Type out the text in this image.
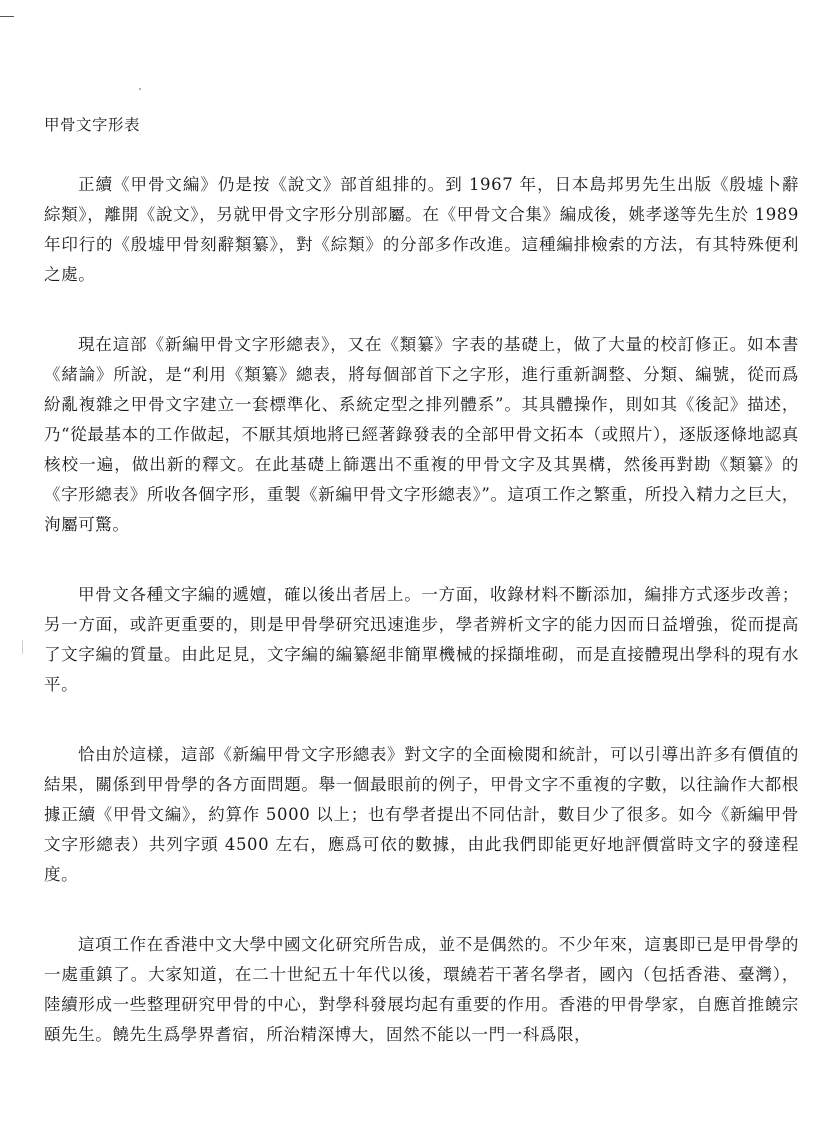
甲骨文字形表

正續《甲骨文編》仍是按《說文》部首組排的。到 1967 年，日本島邦男先生出版《殷墟卜辭綜類》，離開《說文》，另就甲骨文字形分別部屬。在《甲骨文合集》編成後，姚孝遂等先生於 1989 年印行的《殷墟甲骨刻辭類纂》，對《綜類》的分部多作改進。這種編排檢索的方法，有其特殊便利之處。

現在這部《新編甲骨文字形總表》，又在《類纂》字表的基礎上，做了大量的校訂修正。如本書《緒論》所說，是“利用《類纂》總表，將每個部首下之字形，進行重新調整、分類、編號，從而爲紛亂複雜之甲骨文字建立一套標準化、系統定型之排列體系”。其具體操作，則如其《後記》描述，乃“從最基本的工作做起，不厭其煩地將已經著錄發表的全部甲骨文拓本（或照片），逐版逐條地認真核校一遍，做出新的釋文。在此基礎上篩選出不重複的甲骨文字及其異構，然後再對勘《類纂》的《字形總表》所收各個字形，重製《新編甲骨文字形總表》”。這項工作之繁重，所投入精力之巨大，洵屬可驚。

甲骨文各種文字編的遞嬗，確以後出者居上。一方面，收錄材料不斷添加，編排方式逐步改善；另一方面，或許更重要的，則是甲骨學研究迅速進步，學者辨析文字的能力因而日益增強，從而提高了文字編的質量。由此足見，文字編的編纂絕非簡單機械的採擷堆砌，而是直接體現出學科的現有水平。

恰由於這樣，這部《新編甲骨文字形總表》對文字的全面檢閱和統計，可以引導出許多有價值的結果，關係到甲骨學的各方面問題。舉一個最眼前的例子，甲骨文字不重複的字數，以往論作大都根據正續《甲骨文編》，約算作 5000 以上；也有學者提出不同估計，數目少了很多。如今《新編甲骨文字形總表）共列字頭 4500 左右，應爲可依的數據，由此我們即能更好地評價當時文字的發達程度。

這項工作在香港中文大學中國文化研究所告成，並不是偶然的。不少年來，這裏即已是甲骨學的一處重鎮了。大家知道，在二十世紀五十年代以後，環繞若干著名學者，國內（包括香港、臺灣），陸續形成一些整理研究甲骨的中心，對學科發展均起有重要的作用。香港的甲骨學家，自應首推饒宗頤先生。饒先生爲學界耆宿，所治精深博大，固然不能以一門一科爲限，
